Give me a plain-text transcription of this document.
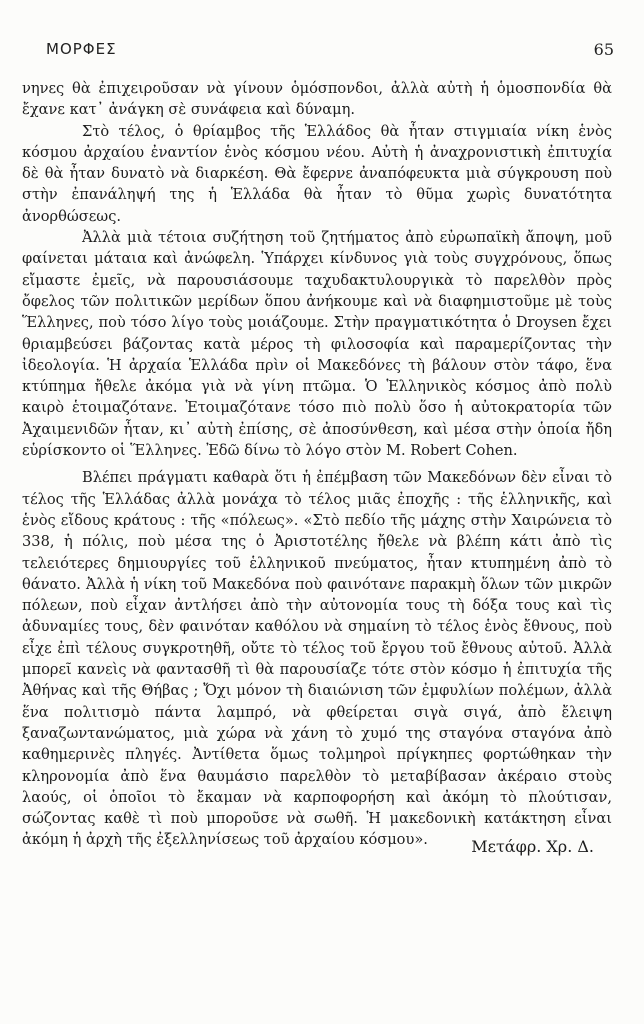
ΜΟΡΦΕΣ	65

νηνες θὰ ἐπιχειροῦσαν νὰ γίνουν ὁμόσπονδοι, ἀλλὰ αὐτὴ ἡ ὁμοσπονδία θὰ ἔχανε κατ᾿ ἀνάγκη σὲ συνάφεια καὶ δύναμη.

Στὸ τέλος, ὁ θρίαμβος τῆς Ἑλλάδος θὰ ἦταν στιγμιαία νίκη ἑνὸς κόσμου ἀρχαίου ἐναντίον ἑνὸς κόσμου νέου. Αὐτὴ ἡ ἀναχρονιστικὴ ἐπιτυχία δὲ θὰ ἦταν δυνατὸ νὰ διαρκέση. Θὰ ἔφερνε ἀναπόφευκτα μιὰ σύγκρουση ποὺ στὴν ἐπανάληψή της ἡ Ἑλλάδα θὰ ἦταν τὸ θῦμα χωρὶς δυνατότητα ἀνορθώσεως.

Ἀλλὰ μιὰ τέτοια συζήτηση τοῦ ζητήματος ἀπὸ εὐρωπαϊκὴ ἄποψη, μοῦ φαίνεται μάταια καὶ ἀνώφελη. Ὑπάρχει κίνδυνος γιὰ τοὺς συγχρόνους, ὅπως εἴμαστε ἐμεῖς, νὰ παρουσιάσουμε ταχυδακτυλουργικὰ τὸ παρελθὸν πρὸς ὄφελος τῶν πολιτικῶν μερίδων ὅπου ἀνήκουμε καὶ νὰ διαφημιστοῦμε μὲ τοὺς Ἕλληνες, ποὺ τόσο λίγο τοὺς μοιάζουμε. Στὴν πραγματικότητα ὁ Droysen ἔχει θριαμβεύσει βάζοντας κατὰ μέρος τὴ φιλοσοφία καὶ παραμερίζοντας τὴν ἰδεολογία. Ἡ ἀρχαία Ἑλλάδα πρὶν οἱ Μακεδόνες τὴ βάλουν στὸν τάφο, ἕνα κτύπημα ἤθελε ἀκόμα γιὰ νὰ γίνη πτῶμα. Ὁ Ἑλληνικὸς κόσμος ἀπὸ πολὺ καιρὸ ἑτοιμαζότανε. Ἑτοιμαζότανε τόσο πιὸ πολὺ ὅσο ἡ αὐτοκρατορία τῶν Ἀχαιμενιδῶν ἦταν, κι᾿ αὐτὴ ἐπίσης, σὲ ἀποσύνθεση, καὶ μέσα στὴν ὁποία ἤδη εὑρίσκοντο οἱ Ἕλληνες. Ἐδῶ δίνω τὸ λόγο στὸν M. Robert Cohen.

Βλέπει πράγματι καθαρὰ ὅτι ἡ ἐπέμβαση τῶν Μακεδόνων δὲν εἶναι τὸ τέλος τῆς Ἑλλάδας ἀλλὰ μονάχα τὸ τέλος μιᾶς ἐποχῆς : τῆς ἑλληνικῆς, καὶ ἑνὸς εἴδους κράτους : τῆς «πόλεως». «Στὸ πεδίο τῆς μάχης στὴν Χαιρώνεια τὸ 338, ἡ πόλις, ποὺ μέσα της ὁ Ἀριστοτέλης ἤθελε νὰ βλέπη κάτι ἀπὸ τὶς τελειότερες δημιουργίες τοῦ ἑλληνικοῦ πνεύματος, ἦταν κτυπημένη ἀπὸ τὸ θάνατο. Ἀλλὰ ἡ νίκη τοῦ Μακεδόνα ποὺ φαινότανε παρακμὴ ὅλων τῶν μικρῶν πόλεων, ποὺ εἶχαν ἀντλήσει ἀπὸ τὴν αὐτονομία τους τὴ δόξα τους καὶ τὶς ἀδυναμίες τους, δὲν φαινόταν καθόλου νὰ σημαίνη τὸ τέλος ἑνὸς ἔθνους, ποὺ εἶχε ἐπὶ τέλους συγκροτηθῆ, οὔτε τὸ τέλος τοῦ ἔργου τοῦ ἔθνους αὐτοῦ. Ἀλλὰ μπορεῖ κανεὶς νὰ φαντασθῆ τὶ θὰ παρουσίαζε τότε στὸν κόσμο ἡ ἐπιτυχία τῆς Ἀθήνας καὶ τῆς Θήβας ; Ὄχι μόνον τὴ διαιώνιση τῶν ἐμφυλίων πολέμων, ἀλλὰ ἕνα πολιτισμὸ πάντα λαμπρό, νὰ φθείρεται σιγὰ σιγά, ἀπὸ ἔλειψη ξαναζωντανώματος, μιὰ χώρα νὰ χάνη τὸ χυμό της σταγόνα σταγόνα ἀπὸ καθημερινὲς πληγές. Ἀντίθετα ὅμως τολμηροὶ πρίγκηπες φορτώθηκαν τὴν κληρονομία ἀπὸ ἕνα θαυμάσιο παρελθὸν τὸ μεταβίβασαν ἀκέραιο στοὺς λαούς, οἱ ὁποῖοι τὸ ἔκαμαν νὰ καρποφορήση καὶ ἀκόμη τὸ πλούτισαν, σώζοντας καθὲ τὶ ποὺ μποροῦσε νὰ σωθῆ. Ἡ μακεδονικὴ κατάκτηση εἶναι ἀκόμη ἡ ἀρχὴ τῆς ἐξελληνίσεως τοῦ ἀρχαίου κόσμου».	Μετάφρ. Χρ. Δ.
